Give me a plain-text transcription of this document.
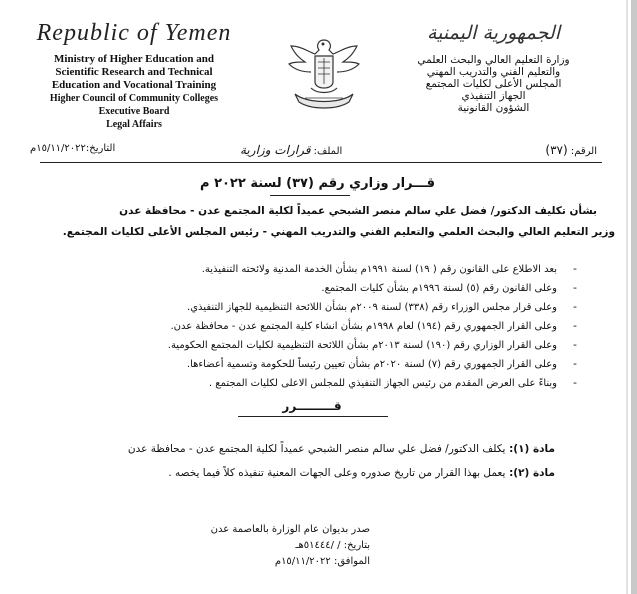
Republic of Yemen
Ministry of Higher Education and
Scientific Research and Technical
Education and Vocational Training
Higher Council of Community Colleges
Executive Board
Legal Affairs
الجمهورية اليمنية
وزارة التعليم العالي والبحث العلمي
والتعليم الفني والتدريب المهني
المجلس الأعلى لكليات المجتمع
الجهاز التنفيذي
الشؤون القانونية
التاريخ:١٥/١١/٢٠٢٢م	الملف: قرارات وزارية	الرقم: (٣٧)
قـــرار وزاري رقم (٣٧) لسنة ٢٠٢٢ م
بشأن تكليف الدكتور/ فضل علي سالم منصر الشبحي عميداً لكلية المجتمع عدن - محافظة عدن
وزير التعليم العالي والبحث العلمي والتعليم الفني والتدريب المهني - رئيس المجلس الأعلى لكليات المجتمع.
بعد الاطلاع على القانون رقم ( ١٩) لسنة ١٩٩١م بشأن الخدمة المدنية ولائحته التنفيذية. -
وعلى القانون رقم (٥) لسنة ١٩٩٦م بشأن كليات المجتمع. -
وعلى قرار مجلس الوزراء رقم (٣٣٨) لسنة ٢٠٠٩م بشأن اللائحة التنظيمية للجهاز التنفيذي. -
وعلى القرار الجمهوري رقم (١٩٤) لعام ١٩٩٨م بشأن انشاء كلية المجتمع عدن - محافظة عدن. -
وعلى القرار الوزاري رقم (١٩٠) لسنة ٢٠١٣م بشأن اللائحة التنظيمية لكليات المجتمع الحكومية. -
وعلى القرار الجمهوري رقم (٧) لسنة ٢٠٢٠م بشأن تعيين رئيساً للحكومة وتسمية أعضاءها. -
وبناءً على العرض المقدم من رئيس الجهاز التنفيذي للمجلس الاعلى لكليات المجتمع . -
قـــــــــرر
مادة (١): يكلف الدكتور/ فضل علي سالم منصر الشبحي عميداً لكلية المجتمع عدن - محافظة عدن
مادة (٢): يعمل بهذا القرار من تاريخ صدوره وعلى الجهات المعنية تنفيذه كلاً فيما يخصه .
صدر بديوان عام الوزارة بالعاصمة عدن
بتاريخ: / /٥١٤٤٤هـ
الموافق: ١٥/١١/٢٠٢٢م
